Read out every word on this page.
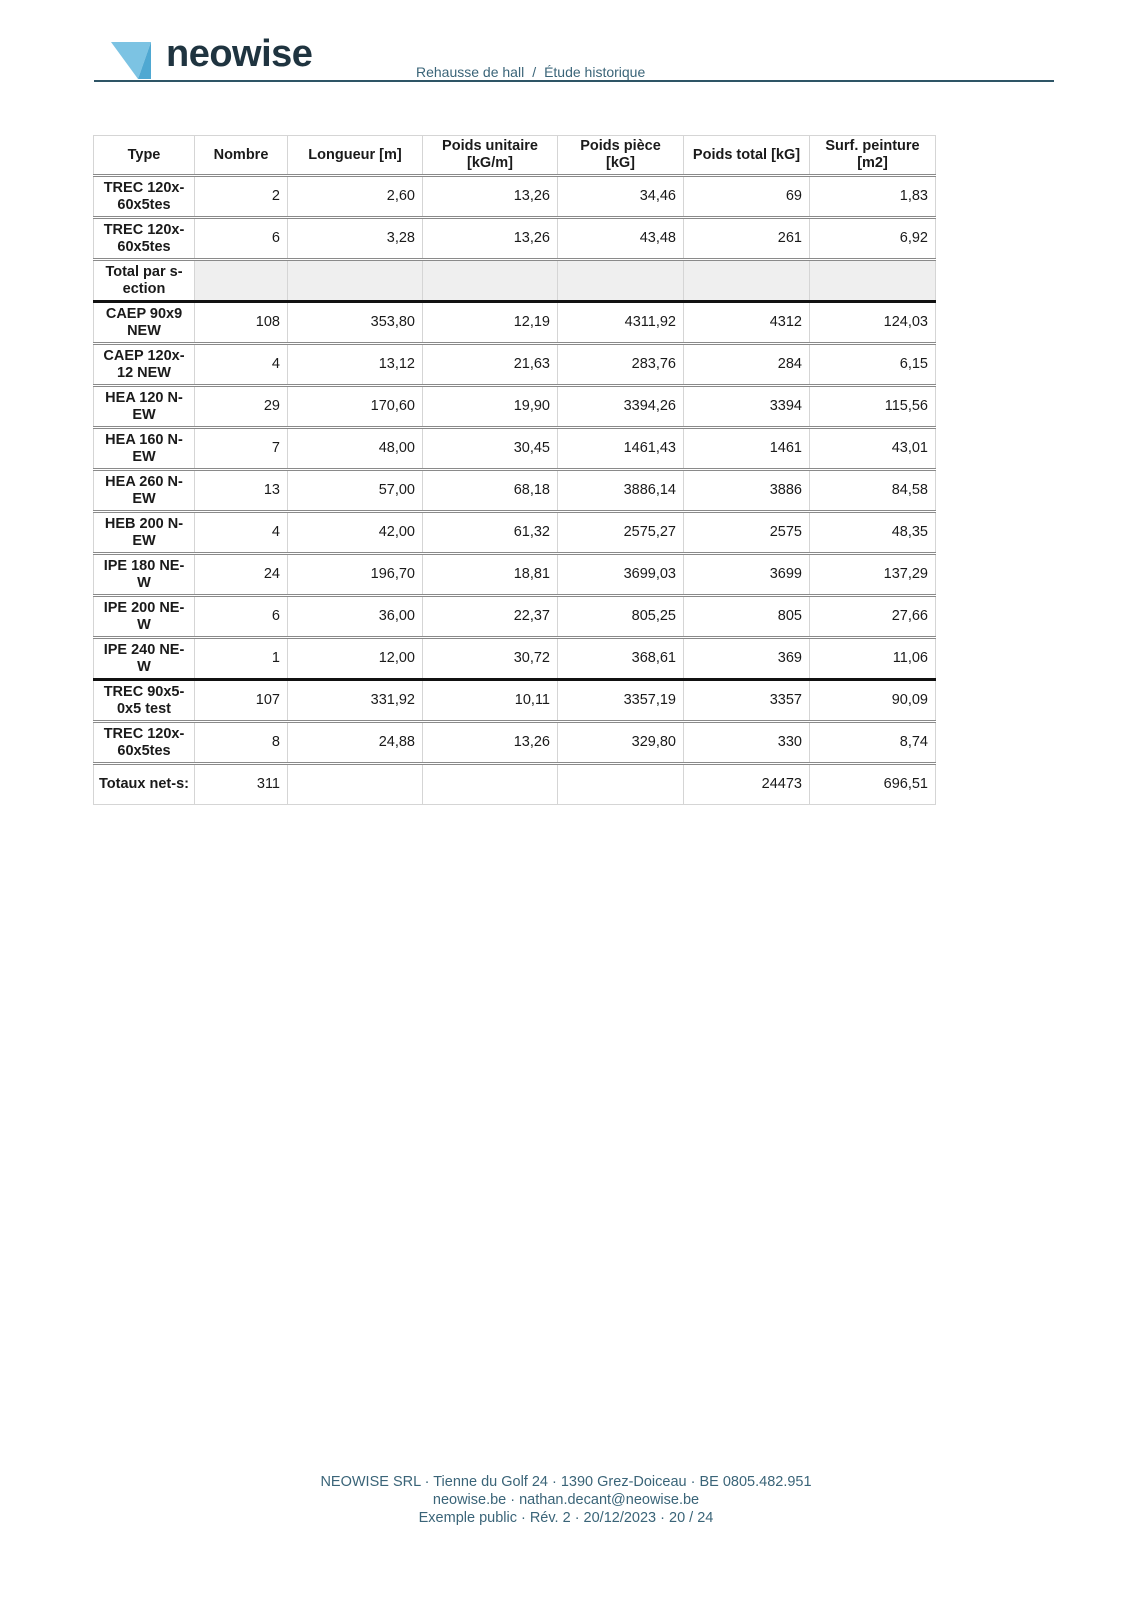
neowise	Rehausse de hall / Étude historique
Type	Nombre	Longueur [m]	Poids unitaire [kG/m]	Poids pièce [kG]	Poids total [kG]	Surf. peinture [m2]
TREC 120x-60x5tes	2	2,60	13,26	34,46	69	1,83
TREC 120x-60x5tes	6	3,28	13,26	43,48	261	6,92
Total par s-ection						
CAEP 90x9 NEW	108	353,80	12,19	4311,92	4312	124,03
CAEP 120x-12 NEW	4	13,12	21,63	283,76	284	6,15
HEA 120 N-EW	29	170,60	19,90	3394,26	3394	115,56
HEA 160 N-EW	7	48,00	30,45	1461,43	1461	43,01
HEA 260 N-EW	13	57,00	68,18	3886,14	3886	84,58
HEB 200 N-EW	4	42,00	61,32	2575,27	2575	48,35
IPE 180 NE-W	24	196,70	18,81	3699,03	3699	137,29
IPE 200 NE-W	6	36,00	22,37	805,25	805	27,66
IPE 240 NE-W	1	12,00	30,72	368,61	369	11,06
TREC 90x5-0x5 test	107	331,92	10,11	3357,19	3357	90,09
TREC 120x-60x5tes	8	24,88	13,26	329,80	330	8,74
Totaux net-s:	311				24473	696,51
NEOWISE SRL · Tienne du Golf 24 · 1390 Grez-Doiceau · BE 0805.482.951
neowise.be · nathan.decant@neowise.be
Exemple public · Rév. 2 · 20/12/2023 · 20 / 24
